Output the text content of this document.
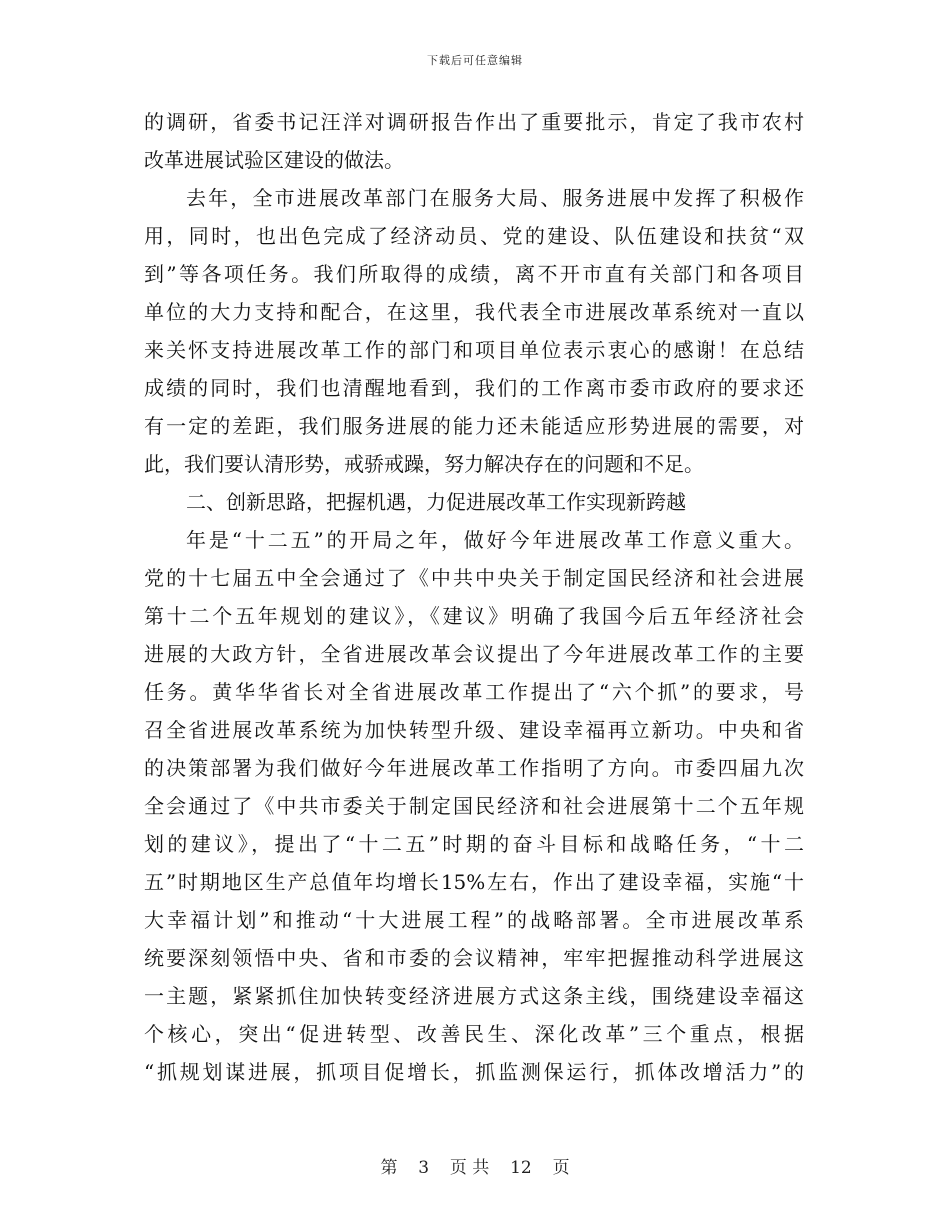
下载后可任意编辑
的调研，省委书记汪洋对调研报告作出了重要批示，肯定了我市农村
改革进展试验区建设的做法。
去年，全市进展改革部门在服务大局、服务进展中发挥了积极作
用，同时，也出色完成了经济动员、党的建设、队伍建设和扶贫“双
到”等各项任务。我们所取得的成绩，离不开市直有关部门和各项目
单位的大力支持和配合，在这里，我代表全市进展改革系统对一直以
来关怀支持进展改革工作的部门和项目单位表示衷心的感谢！在总结
成绩的同时，我们也清醒地看到，我们的工作离市委市政府的要求还
有一定的差距，我们服务进展的能力还未能适应形势进展的需要，对
此，我们要认清形势，戒骄戒躁，努力解决存在的问题和不足。
二、创新思路，把握机遇，力促进展改革工作实现新跨越
年是“十二五”的开局之年，做好今年进展改革工作意义重大。
党的十七届五中全会通过了《中共中央关于制定国民经济和社会进展
第十二个五年规划的建议》，《建议》明确了我国今后五年经济社会
进展的大政方针，全省进展改革会议提出了今年进展改革工作的主要
任务。黄华华省长对全省进展改革工作提出了“六个抓”的要求，号
召全省进展改革系统为加快转型升级、建设幸福再立新功。中央和省
的决策部署为我们做好今年进展改革工作指明了方向。市委四届九次
全会通过了《中共市委关于制定国民经济和社会进展第十二个五年规
划的建议》，提出了“十二五”时期的奋斗目标和战略任务，“十二
五”时期地区生产总值年均增长15%左右，作出了建设幸福，实施“十
大幸福计划”和推动“十大进展工程”的战略部署。全市进展改革系
统要深刻领悟中央、省和市委的会议精神，牢牢把握推动科学进展这
一主题，紧紧抓住加快转变经济进展方式这条主线，围绕建设幸福这
个核心，突出“促进转型、改善民生、深化改革”三个重点，根据
“抓规划谋进展，抓项目促增长，抓监测保运行，抓体改增活力”的
第 3 页 共 12 页
